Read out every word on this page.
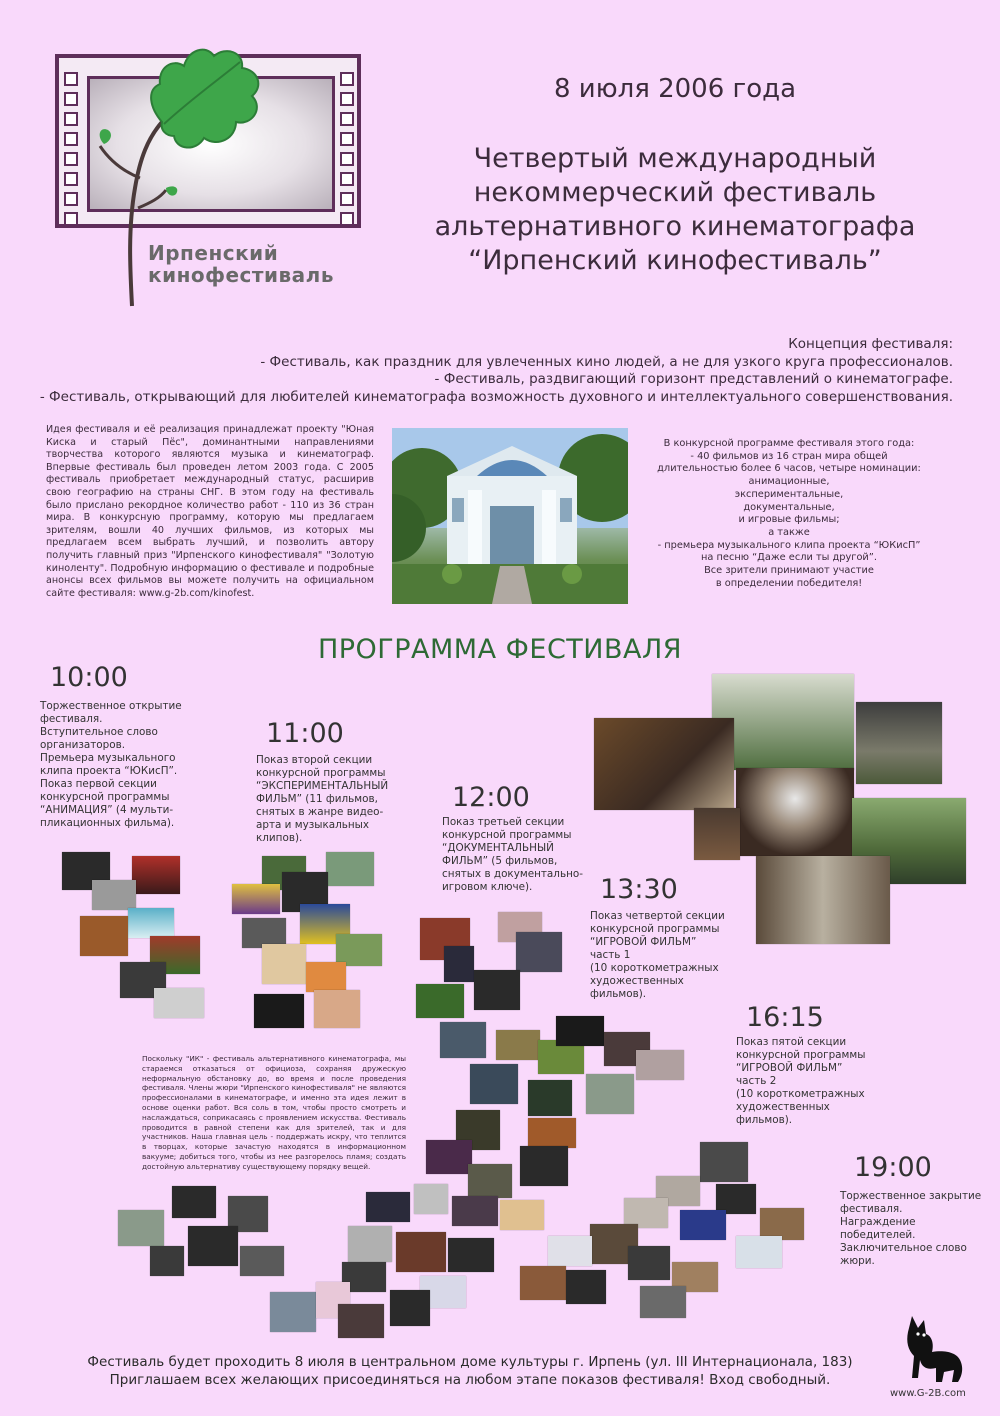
Ирпенский
кинофестиваль
8 июля 2006 года
Четвертый международный
некоммерческий фестиваль
альтернативного кинематографа
“Ирпенский кинофестиваль”
Концепция фестиваля:
- Фестиваль, как праздник для увлеченных кино людей, а не для узкого круга профессионалов.
- Фестиваль, раздвигающий горизонт представлений о кинематографе.
- Фестиваль, открывающий для любителей кинематографа возможность духовного и интеллектуального совершенствования.
Идея фестиваля и её реализация принадлежат проекту "Юная Киска и старый Пёс", доминантными направлениями творчества которого являются музыка и кинематограф. Впервые фестиваль был проведен летом 2003 года. С 2005 фестиваль приобретает международный статус, расширив свою географию на страны СНГ. В этом году на фестиваль было прислано рекордное количество работ - 110 из 36 стран мира. В конкурсную программу, которую мы предлагаем зрителям, вошли 40 лучших фильмов, из которых мы предлагаем всем выбрать лучший, и позволить автору получить главный приз "Ирпенского кинофестиваля" "Золотую киноленту". Подробную информацию о фестивале и подробные анонсы всех фильмов вы можете получить на официальном сайте фестиваля: www.g-2b.com/kinofest.
В конкурсной программе фестиваля этого года:
- 40 фильмов из 16 стран мира общей
длительностью более 6 часов, четыре номинации:
анимационные,
экспериментальные,
документальные,
и игровые фильмы;
а также
- премьера музыкального клипа проекта “ЮКисП”
на песню “Даже если ты другой”.
Все зрители принимают участие
в определении победителя!
ПРОГРАММА ФЕСТИВАЛЯ
10:00
Торжественное открытие
фестиваля.
Вступительное слово
организаторов.
Премьера музыкального
клипа проекта “ЮКисП”.
Показ первой секции
конкурсной программы
“АНИМАЦИЯ” (4 мульти-
пликационных фильма).
11:00
Показ второй секции
конкурсной программы
“ЭКСПЕРИМЕНТАЛЬНЫЙ
ФИЛЬМ” (11 фильмов,
снятых в жанре видео-
арта и музыкальных
клипов).
12:00
Показ третьей секции
конкурсной программы
“ДОКУМЕНТАЛЬНЫЙ
ФИЛЬМ” (5 фильмов,
снятых в документально-
игровом ключе).	13:30
Показ четвертой секции
конкурсной программы
“ИГРОВОЙ ФИЛЬМ”
часть 1
(10 короткометражных
художественных
фильмов).
16:15
Показ пятой секции
конкурсной программы
“ИГРОВОЙ ФИЛЬМ”
часть 2
(10 короткометражных
художественных
фильмов).
19:00
Торжественное закрытие
фестиваля.
Награждение
победителей.
Заключительное слово
жюри.
Поскольку "ИК" - фестиваль альтернативного кинематографа, мы стараемся отказаться от официоза, сохраняя дружескую неформальную обстановку до, во время и после проведения фестиваля. Члены жюри "Ирпенского кинофестиваля" не являются профессионалами в кинематографе, и именно эта идея лежит в основе оценки работ. Вся соль в том, чтобы просто смотреть и наслаждаться, соприкасаясь с проявлением искусства. Фестиваль проводится в равной степени как для зрителей, так и для участников. Наша главная цель - поддержать искру, что теплится в творцах, которые зачастую находятся в информационном вакууме; добиться того, чтобы из нее разгорелось пламя; создать достойную альтернативу существующему порядку вещей.
Фестиваль будет проходить 8 июля в центральном доме культуры г. Ирпень (ул. III Интернационала, 183)
Приглашаем всех желающих присоединяться на любом этапе показов фестиваля! Вход свободный.
www.G-2B.com
